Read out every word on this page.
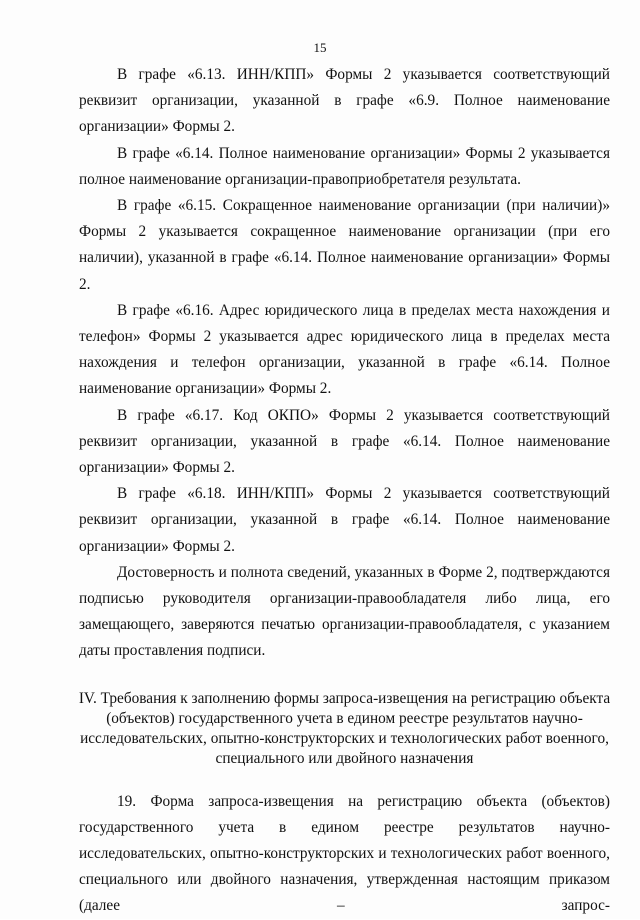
15

В графе «6.13. ИНН/КПП» Формы 2 указывается соответствующий реквизит организации, указанной в графе «6.9. Полное наименование организации» Формы 2.

В графе «6.14. Полное наименование организации» Формы 2 указывается полное наименование организации-правоприобретателя результата.

В графе «6.15. Сокращенное наименование организации (при наличии)» Формы 2 указывается сокращенное наименование организации (при его наличии), указанной в графе «6.14. Полное наименование организации» Формы 2.

В графе «6.16. Адрес юридического лица в пределах места нахождения и телефон» Формы 2 указывается адрес юридического лица в пределах места нахождения и телефон организации, указанной в графе «6.14. Полное наименование организации» Формы 2.

В графе «6.17. Код ОКПО» Формы 2 указывается соответствующий реквизит организации, указанной в графе «6.14. Полное наименование организации» Формы 2.

В графе «6.18. ИНН/КПП» Формы 2 указывается соответствующий реквизит организации, указанной в графе «6.14. Полное наименование организации» Формы 2.

Достоверность и полнота сведений, указанных в Форме 2, подтверждаются подписью руководителя организации-правообладателя либо лица, его замещающего, заверяются печатью организации-правообладателя, с указанием даты проставления подписи.

IV. Требования к заполнению формы запроса-извещения на регистрацию объекта (объектов) государственного учета в едином реестре результатов научно-исследовательских, опытно-конструкторских и технологических работ военного, специального или двойного назначения

19. Форма запроса-извещения на регистрацию объекта (объектов) государственного учета в едином реестре результатов научно-исследовательских, опытно-конструкторских и технологических работ военного, специального или двойного назначения, утвержденная настоящим приказом (далее – запрос-
